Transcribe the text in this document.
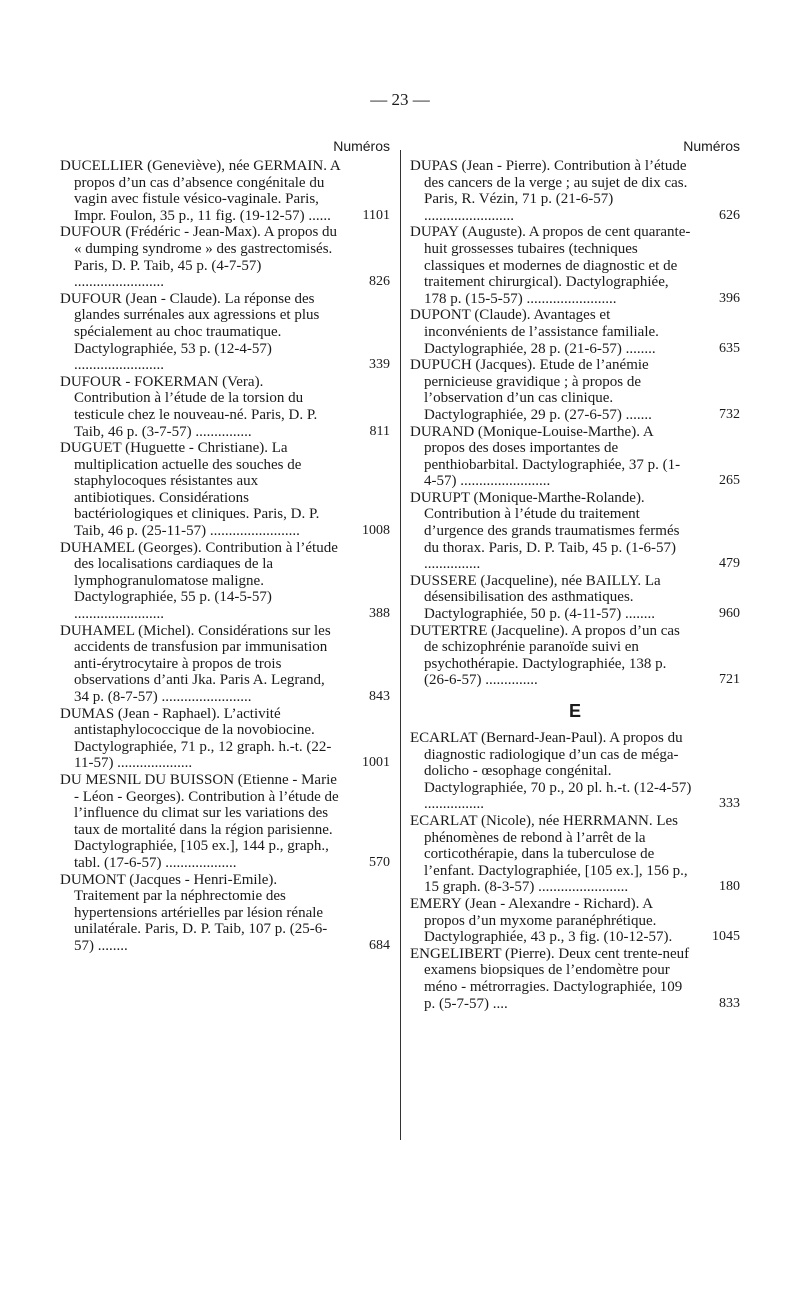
— 23 —
Numéros
DUCELLIER (Geneviève), née GERMAIN. A propos d’un cas d’absence congénitale du vagin avec fistule vésico-vaginale. Paris, Impr. Foulon, 35 p., 11 fig. (19-12-57) ...... 1101
DUFOUR (Frédéric - Jean-Max). A propos du « dumping syndrome » des gastrectomisés. Paris, D. P. Taib, 45 p. (4-7-57) ........................	826
DUFOUR (Jean - Claude). La réponse des glandes surrénales aux agressions et plus spécialement au choc traumatique. Dactylographiée, 53 p. (12-4-57) ........................	339
DUFOUR - FOKERMAN (Vera). Contribution à l’étude de la torsion du testicule chez le nouveau-né. Paris, D. P. Taib, 46 p. (3-7-57) ...............	811
DUGUET (Huguette - Christiane). La multiplication actuelle des souches de staphylocoques résistantes aux antibiotiques. Considérations bactériologiques et cliniques. Paris, D. P. Taib, 46 p. (25-11-57) ........................	1008
DUHAMEL (Georges). Contribution à l’étude des localisations cardiaques de la lymphogranulomatose maligne. Dactylographiée, 55 p. (14-5-57) ........................	388
DUHAMEL (Michel). Considérations sur les accidents de transfusion par immunisation anti-érytrocytaire à propos de trois observations d’anti Jka. Paris A. Legrand, 34 p. (8-7-57) ........................	843
DUMAS (Jean - Raphael). L’activité antistaphylococcique de la novobiocine. Dactylographiée, 71 p., 12 graph. h.-t. (22-11-57) ....................	1001
DU MESNIL DU BUISSON (Etienne - Marie - Léon - Georges). Contribution à l’étude de l’influence du climat sur les variations des taux de mortalité dans la région parisienne. Dactylographiée, [105 ex.], 144 p., graph., tabl. (17-6-57) ...................	570
DUMONT (Jacques - Henri-Emile). Traitement par la néphrectomie des hypertensions artérielles par lésion rénale unilatérale. Paris, D. P. Taib, 107 p. (25-6-57) ........	684
Numéros
DUPAS (Jean - Pierre). Contribution à l’étude des cancers de la verge ; au sujet de dix cas. Paris, R. Vézin, 71 p. (21-6-57) ........................	626
DUPAY (Auguste). A propos de cent quarante-huit grossesses tubaires (techniques classiques et modernes de diagnostic et de traitement chirurgical). Dactylographiée, 178 p. (15-5-57) ........................	396
DUPONT (Claude). Avantages et inconvénients de l’assistance familiale. Dactylographiée, 28 p. (21-6-57) ........	635
DUPUCH (Jacques). Etude de l’anémie pernicieuse gravidique ; à propos de l’observation d’un cas clinique. Dactylographiée, 29 p. (27-6-57) .......	732
DURAND (Monique-Louise-Marthe). A propos des doses importantes de penthiobarbital. Dactylographiée, 37 p. (1-4-57) ........................	265
DURUPT (Monique-Marthe-Rolande). Contribution à l’étude du traitement d’urgence des grands traumatismes fermés du thorax. Paris, D. P. Taib, 45 p. (1-6-57) ...............	479
DUSSERE (Jacqueline), née BAILLY. La désensibilisation des asthmatiques. Dactylographiée, 50 p. (4-11-57) ........	960
DUTERTRE (Jacqueline). A propos d’un cas de schizophrénie paranoïde suivi en psychothérapie. Dactylographiée, 138 p. (26-6-57) ..............	721
E
ECARLAT (Bernard-Jean-Paul). A propos du diagnostic radiologique d’un cas de méga-dolicho - œsophage congénital. Dactylographiée, 70 p., 20 pl. h.-t. (12-4-57) ................	333
ECARLAT (Nicole), née HERRMANN. Les phénomènes de rebond à l’arrêt de la corticothérapie, dans la tuberculose de l’enfant. Dactylographiée, [105 ex.], 156 p., 15 graph. (8-3-57) ........................	180
EMERY (Jean - Alexandre - Richard). A propos d’un myxome paranéphrétique. Dactylographiée, 43 p., 3 fig. (10-12-57).	1045
ENGELIBERT (Pierre). Deux cent trente-neuf examens biopsiques de l’endomètre pour méno - métrorragies. Dactylographiée, 109 p. (5-7-57) ....	833
